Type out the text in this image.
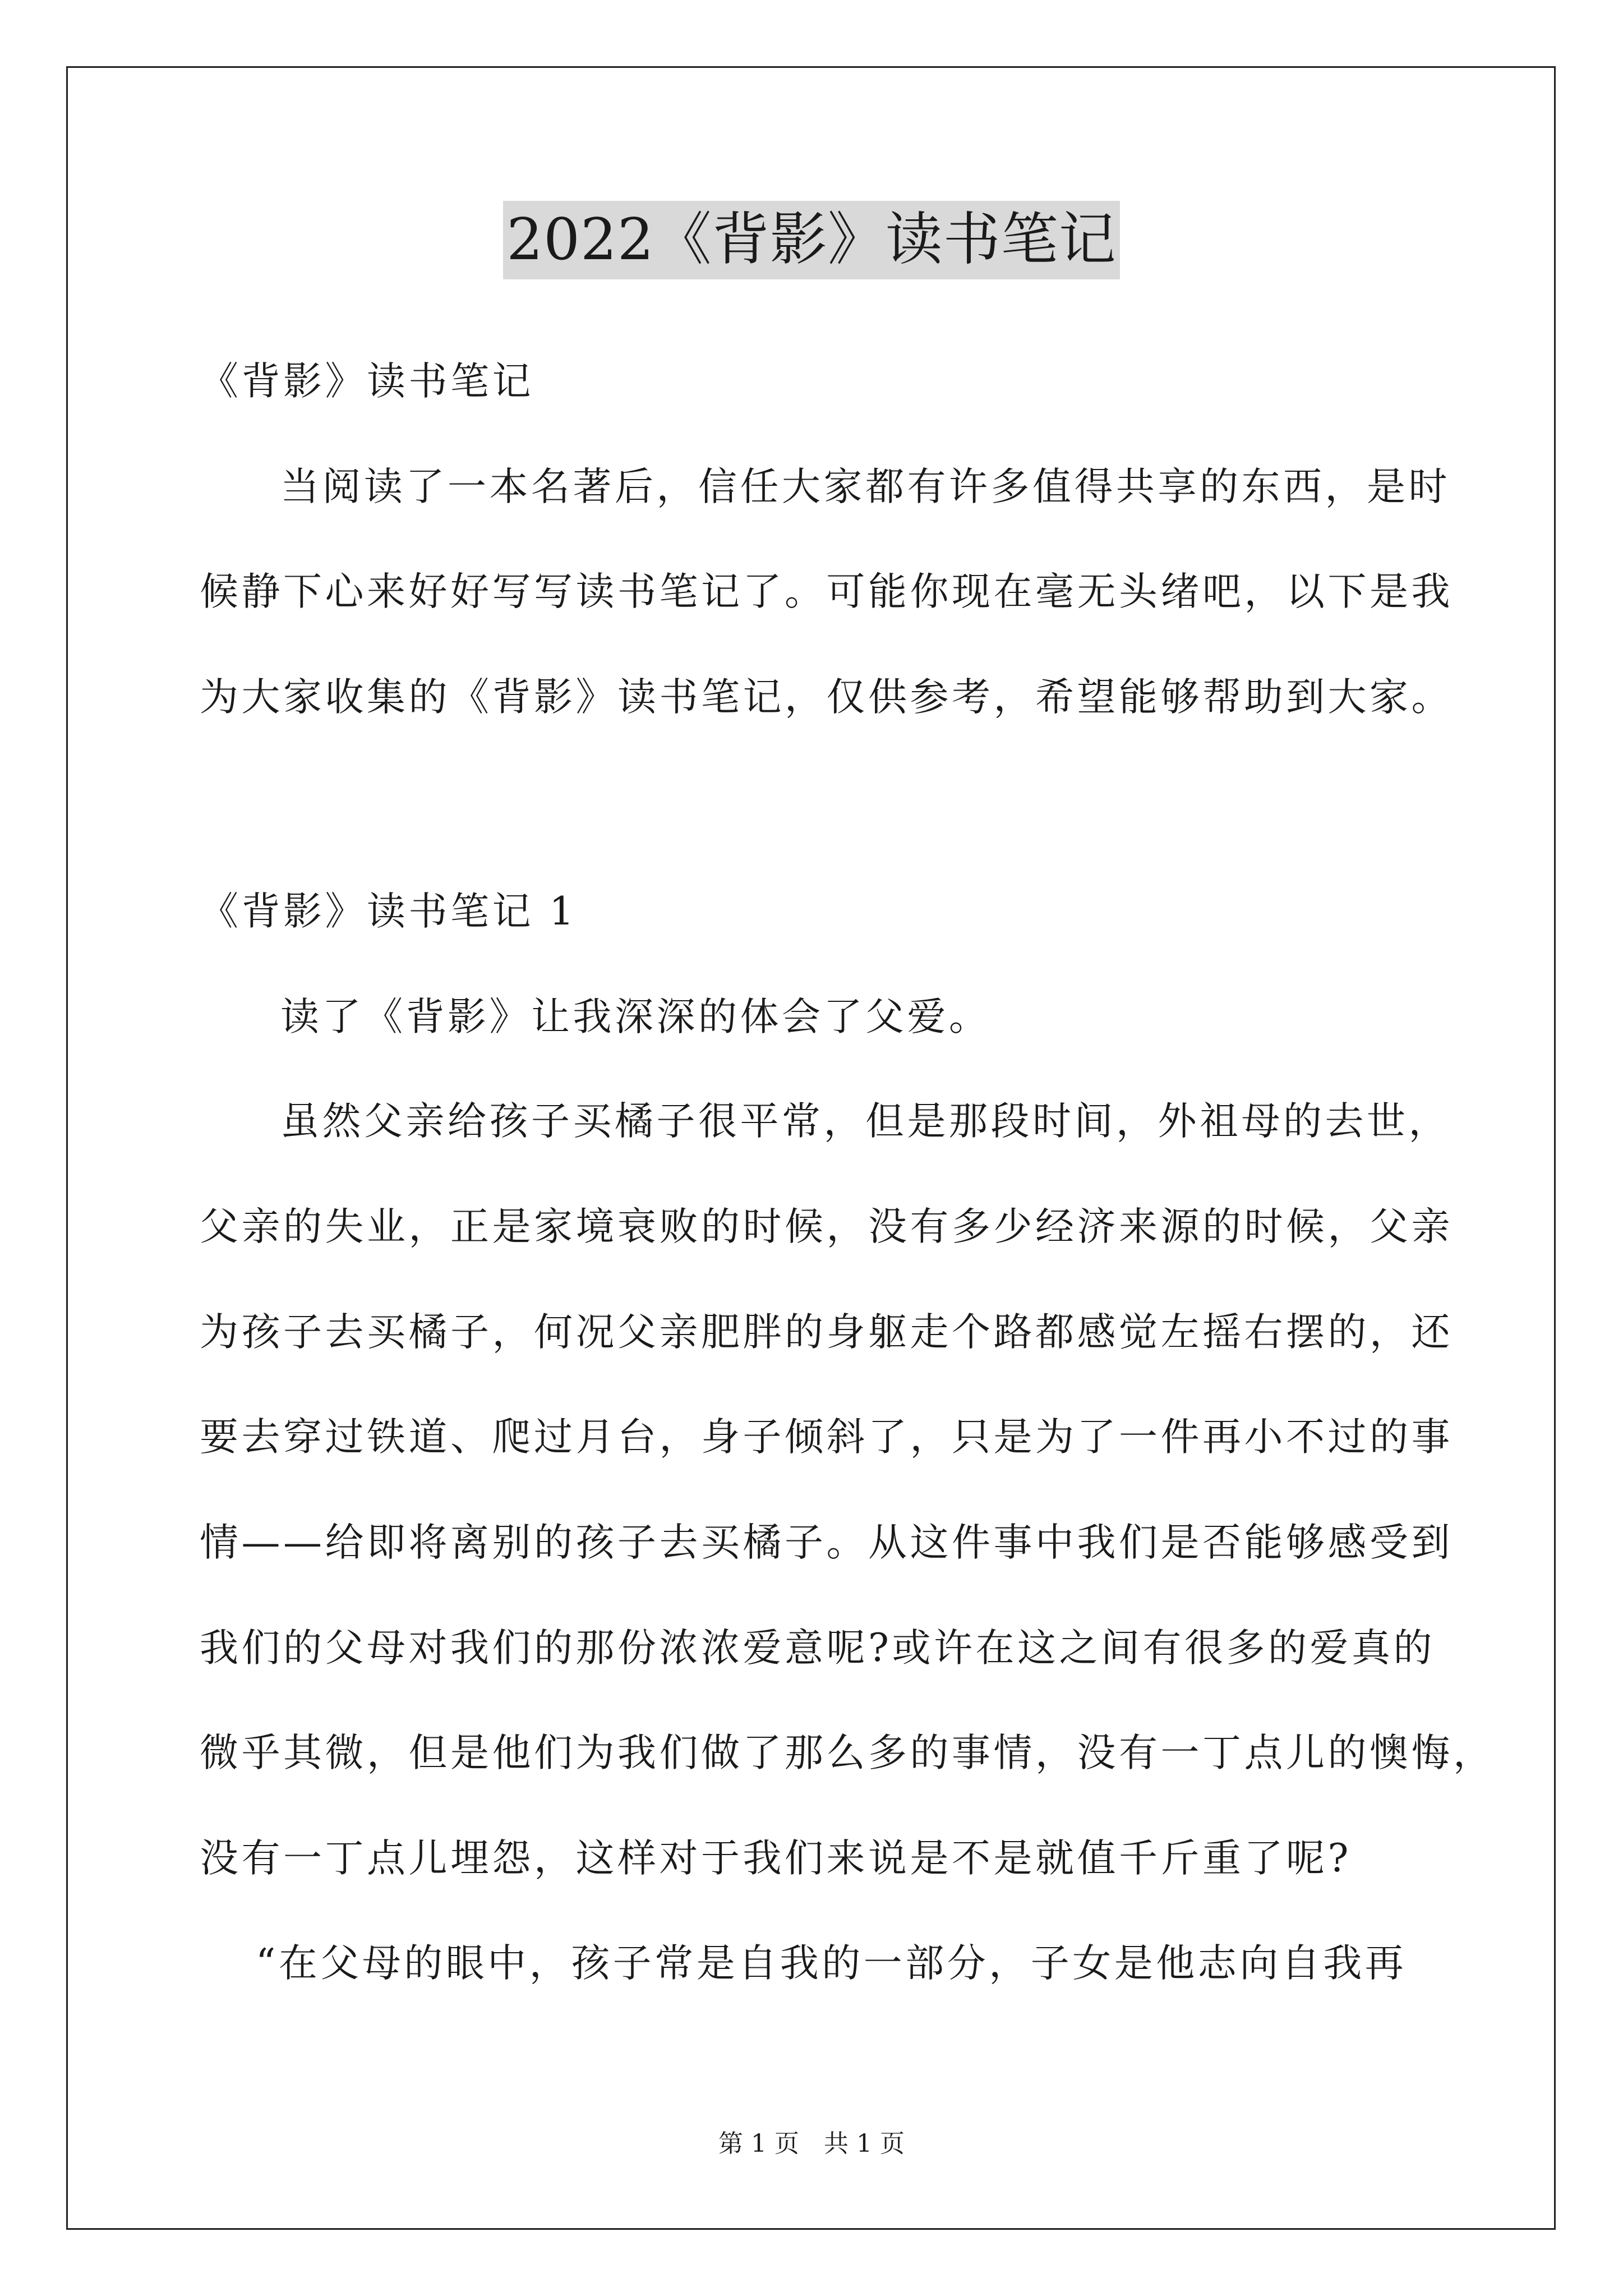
2022《背影》读书笔记
《背影》读书笔记
当阅读了一本名著后，信任大家都有许多值得共享的东西，是时
候静下心来好好写写读书笔记了。可能你现在毫无头绪吧，以下是我
为大家收集的《背影》读书笔记，仅供参考，希望能够帮助到大家。
《背影》读书笔记 1
读了《背影》让我深深的体会了父爱。
虽然父亲给孩子买橘子很平常，但是那段时间，外祖母的去世，
父亲的失业，正是家境衰败的时候，没有多少经济来源的时候，父亲
为孩子去买橘子，何况父亲肥胖的身躯走个路都感觉左摇右摆的，还
要去穿过铁道、爬过月台，身子倾斜了，只是为了一件再小不过的事
情——给即将离别的孩子去买橘子。从这件事中我们是否能够感受到
我们的父母对我们的那份浓浓爱意呢?或许在这之间有很多的爱真的
微乎其微，但是他们为我们做了那么多的事情，没有一丁点儿的懊悔，
没有一丁点儿埋怨，这样对于我们来说是不是就值千斤重了呢?
“在父母的眼中，孩子常是自我的一部分，子女是他志向自我再
第 1 页　共 1 页
